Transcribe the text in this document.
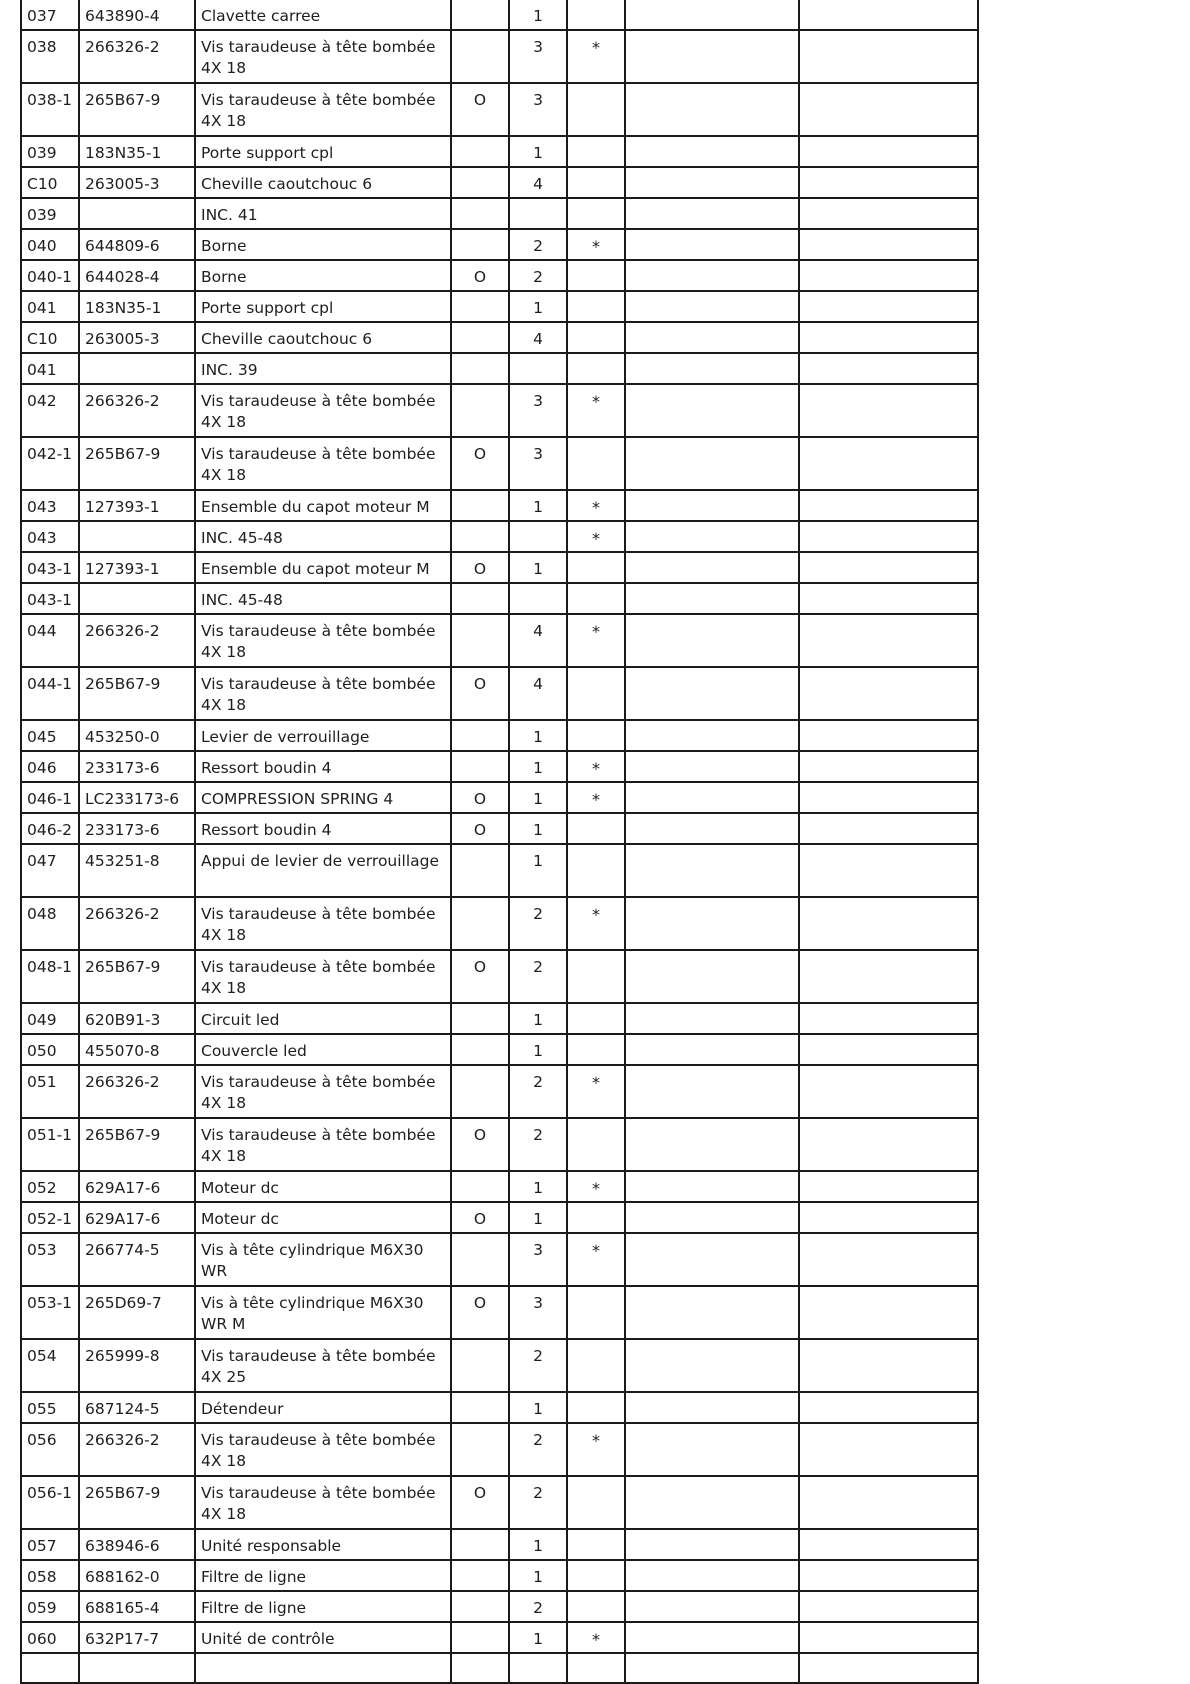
037	643890-4	Clavette carree		1			
038	266326-2	Vis taraudeuse à tête bombée 4X 18		3	*		
038-1	265B67-9	Vis taraudeuse à tête bombée 4X 18	O	3			
039	183N35-1	Porte support cpl		1			
C10	263005-3	Cheville caoutchouc 6		4			
039		INC. 41					
040	644809-6	Borne		2	*		
040-1	644028-4	Borne	O	2			
041	183N35-1	Porte support cpl		1			
C10	263005-3	Cheville caoutchouc 6		4			
041		INC. 39					
042	266326-2	Vis taraudeuse à tête bombée 4X 18		3	*		
042-1	265B67-9	Vis taraudeuse à tête bombée 4X 18	O	3			
043	127393-1	Ensemble du capot moteur M		1	*		
043		INC. 45-48			*		
043-1	127393-1	Ensemble du capot moteur M	O	1			
043-1		INC. 45-48					
044	266326-2	Vis taraudeuse à tête bombée 4X 18		4	*		
044-1	265B67-9	Vis taraudeuse à tête bombée 4X 18	O	4			
045	453250-0	Levier de verrouillage		1			
046	233173-6	Ressort boudin 4		1	*		
046-1	LC233173-6	COMPRESSION SPRING 4	O	1	*		
046-2	233173-6	Ressort boudin 4	O	1			
047	453251-8	Appui de levier de verrouillage		1			
048	266326-2	Vis taraudeuse à tête bombée 4X 18		2	*		
048-1	265B67-9	Vis taraudeuse à tête bombée 4X 18	O	2			
049	620B91-3	Circuit led		1			
050	455070-8	Couvercle led		1			
051	266326-2	Vis taraudeuse à tête bombée 4X 18		2	*		
051-1	265B67-9	Vis taraudeuse à tête bombée 4X 18	O	2			
052	629A17-6	Moteur dc		1	*		
052-1	629A17-6	Moteur dc	O	1			
053	266774-5	Vis à tête cylindrique M6X30 WR		3	*		
053-1	265D69-7	Vis à tête cylindrique M6X30 WR M	O	3			
054	265999-8	Vis taraudeuse à tête bombée 4X 25		2			
055	687124-5	Détendeur		1			
056	266326-2	Vis taraudeuse à tête bombée 4X 18		2	*		
056-1	265B67-9	Vis taraudeuse à tête bombée 4X 18	O	2			
057	638946-6	Unité responsable		1			
058	688162-0	Filtre de ligne		1			
059	688165-4	Filtre de ligne		2			
060	632P17-7	Unité de contrôle		1	*		
